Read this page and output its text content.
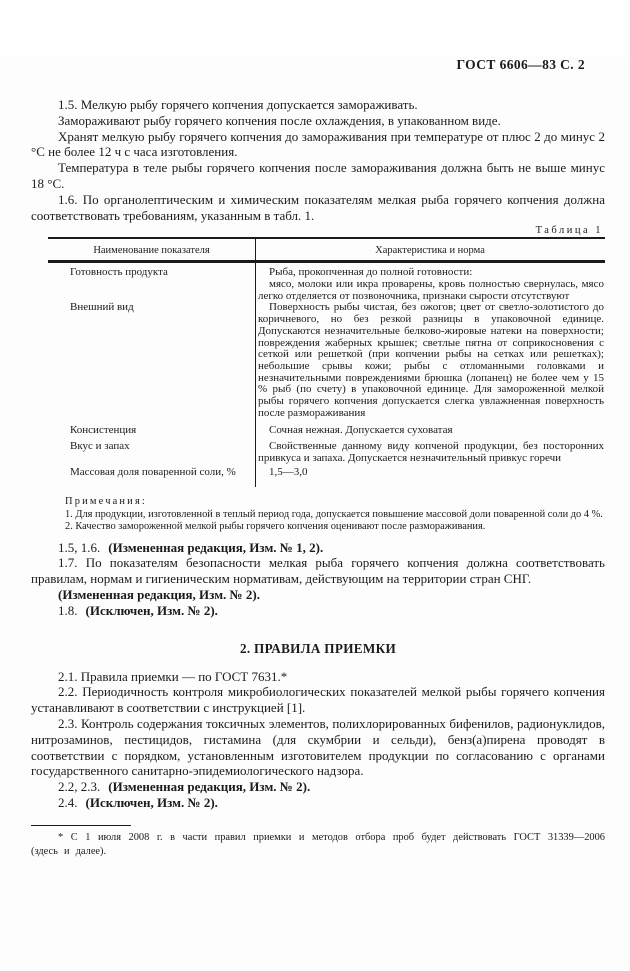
ГОСТ 6606—83 С. 2

1.5. Мелкую рыбу горячего копчения допускается замораживать.

Замораживают рыбу горячего копчения после охлаждения, в упакованном виде.

Хранят мелкую рыбу горячего копчения до замораживания при температуре от плюс 2 до минус 2 °С не более 12 ч с часа изготовления.

Температура в теле рыбы горячего копчения после замораживания должна быть не выше минус 18 °С.

1.6. По органолептическим и химическим показателям мелкая рыба горячего копчения должна соответствовать требованиям, указанным в табл. 1.

Таблица 1
Наименование показателя	Характеристика и норма
Готовность продукта	Рыба, прокопченная до полной готовности:

мясо, молоки или икра проварены, кровь полностью свернулась, мясо легко отделяется от позвоночника, признаки сырости отсутствуют

Внешний вид	Поверхность рыбы чистая, без ожогов; цвет от светло-золотистого до коричневого, но без резкой разницы в упаковочной единице. Допускаются незначительные белково-жировые натеки на поверхности; повреждения жаберных крышек; светлые пятна от соприкосновения с сеткой или решеткой (при копчении рыбы на сетках или решетках); небольшие срывы кожи; рыбы с отломанными головками и незначительными повреждениями брюшка (лопанец) не более чем у 15 % рыб (по счету) в упаковочной единице. Для замороженной мелкой рыбы горячего копчения допускается слегка увлажненная поверхность после размораживания

Консистенция	Сочная нежная. Допускается суховатая

Вкус и запах	Свойственные данному виду копченой продукции, без посторонних привкуса и запаха. Допускается незначительный привкус горечи

Массовая доля поваренной соли, %	1,5—3,0

Примечания:

1. Для продукции, изготовленной в теплый период года, допускается повышение массовой доли поваренной соли до 4 %.

2. Качество замороженной мелкой рыбы горячего копчения оценивают после размораживания.

1.5, 1.6. (Измененная редакция, Изм. № 1, 2).

1.7. По показателям безопасности мелкая рыба горячего копчения должна соответствовать правилам, нормам и гигиеническим нормативам, действующим на территории стран СНГ.

(Измененная редакция, Изм. № 2).

1.8. (Исключен, Изм. № 2).

2. ПРАВИЛА ПРИЕМКИ

2.1. Правила приемки — по ГОСТ 7631.*

2.2. Периодичность контроля микробиологических показателей мелкой рыбы горячего копчения устанавливают в соответствии с инструкцией [1].

2.3. Контроль содержания токсичных элементов, полихлорированных бифенилов, радионуклидов, нитрозаминов, пестицидов, гистамина (для скумбрии и сельди), бенз(а)пирена проводят в соответствии с порядком, установленным изготовителем продукции по согласованию с органами государственного санитарно-эпидемиологического надзора.

2.2, 2.3. (Измененная редакция, Изм. № 2).

2.4. (Исключен, Изм. № 2).

* С 1 июля 2008 г. в части правил приемки и методов отбора проб будет действовать ГОСТ 31339—2006 (здесь и далее).
